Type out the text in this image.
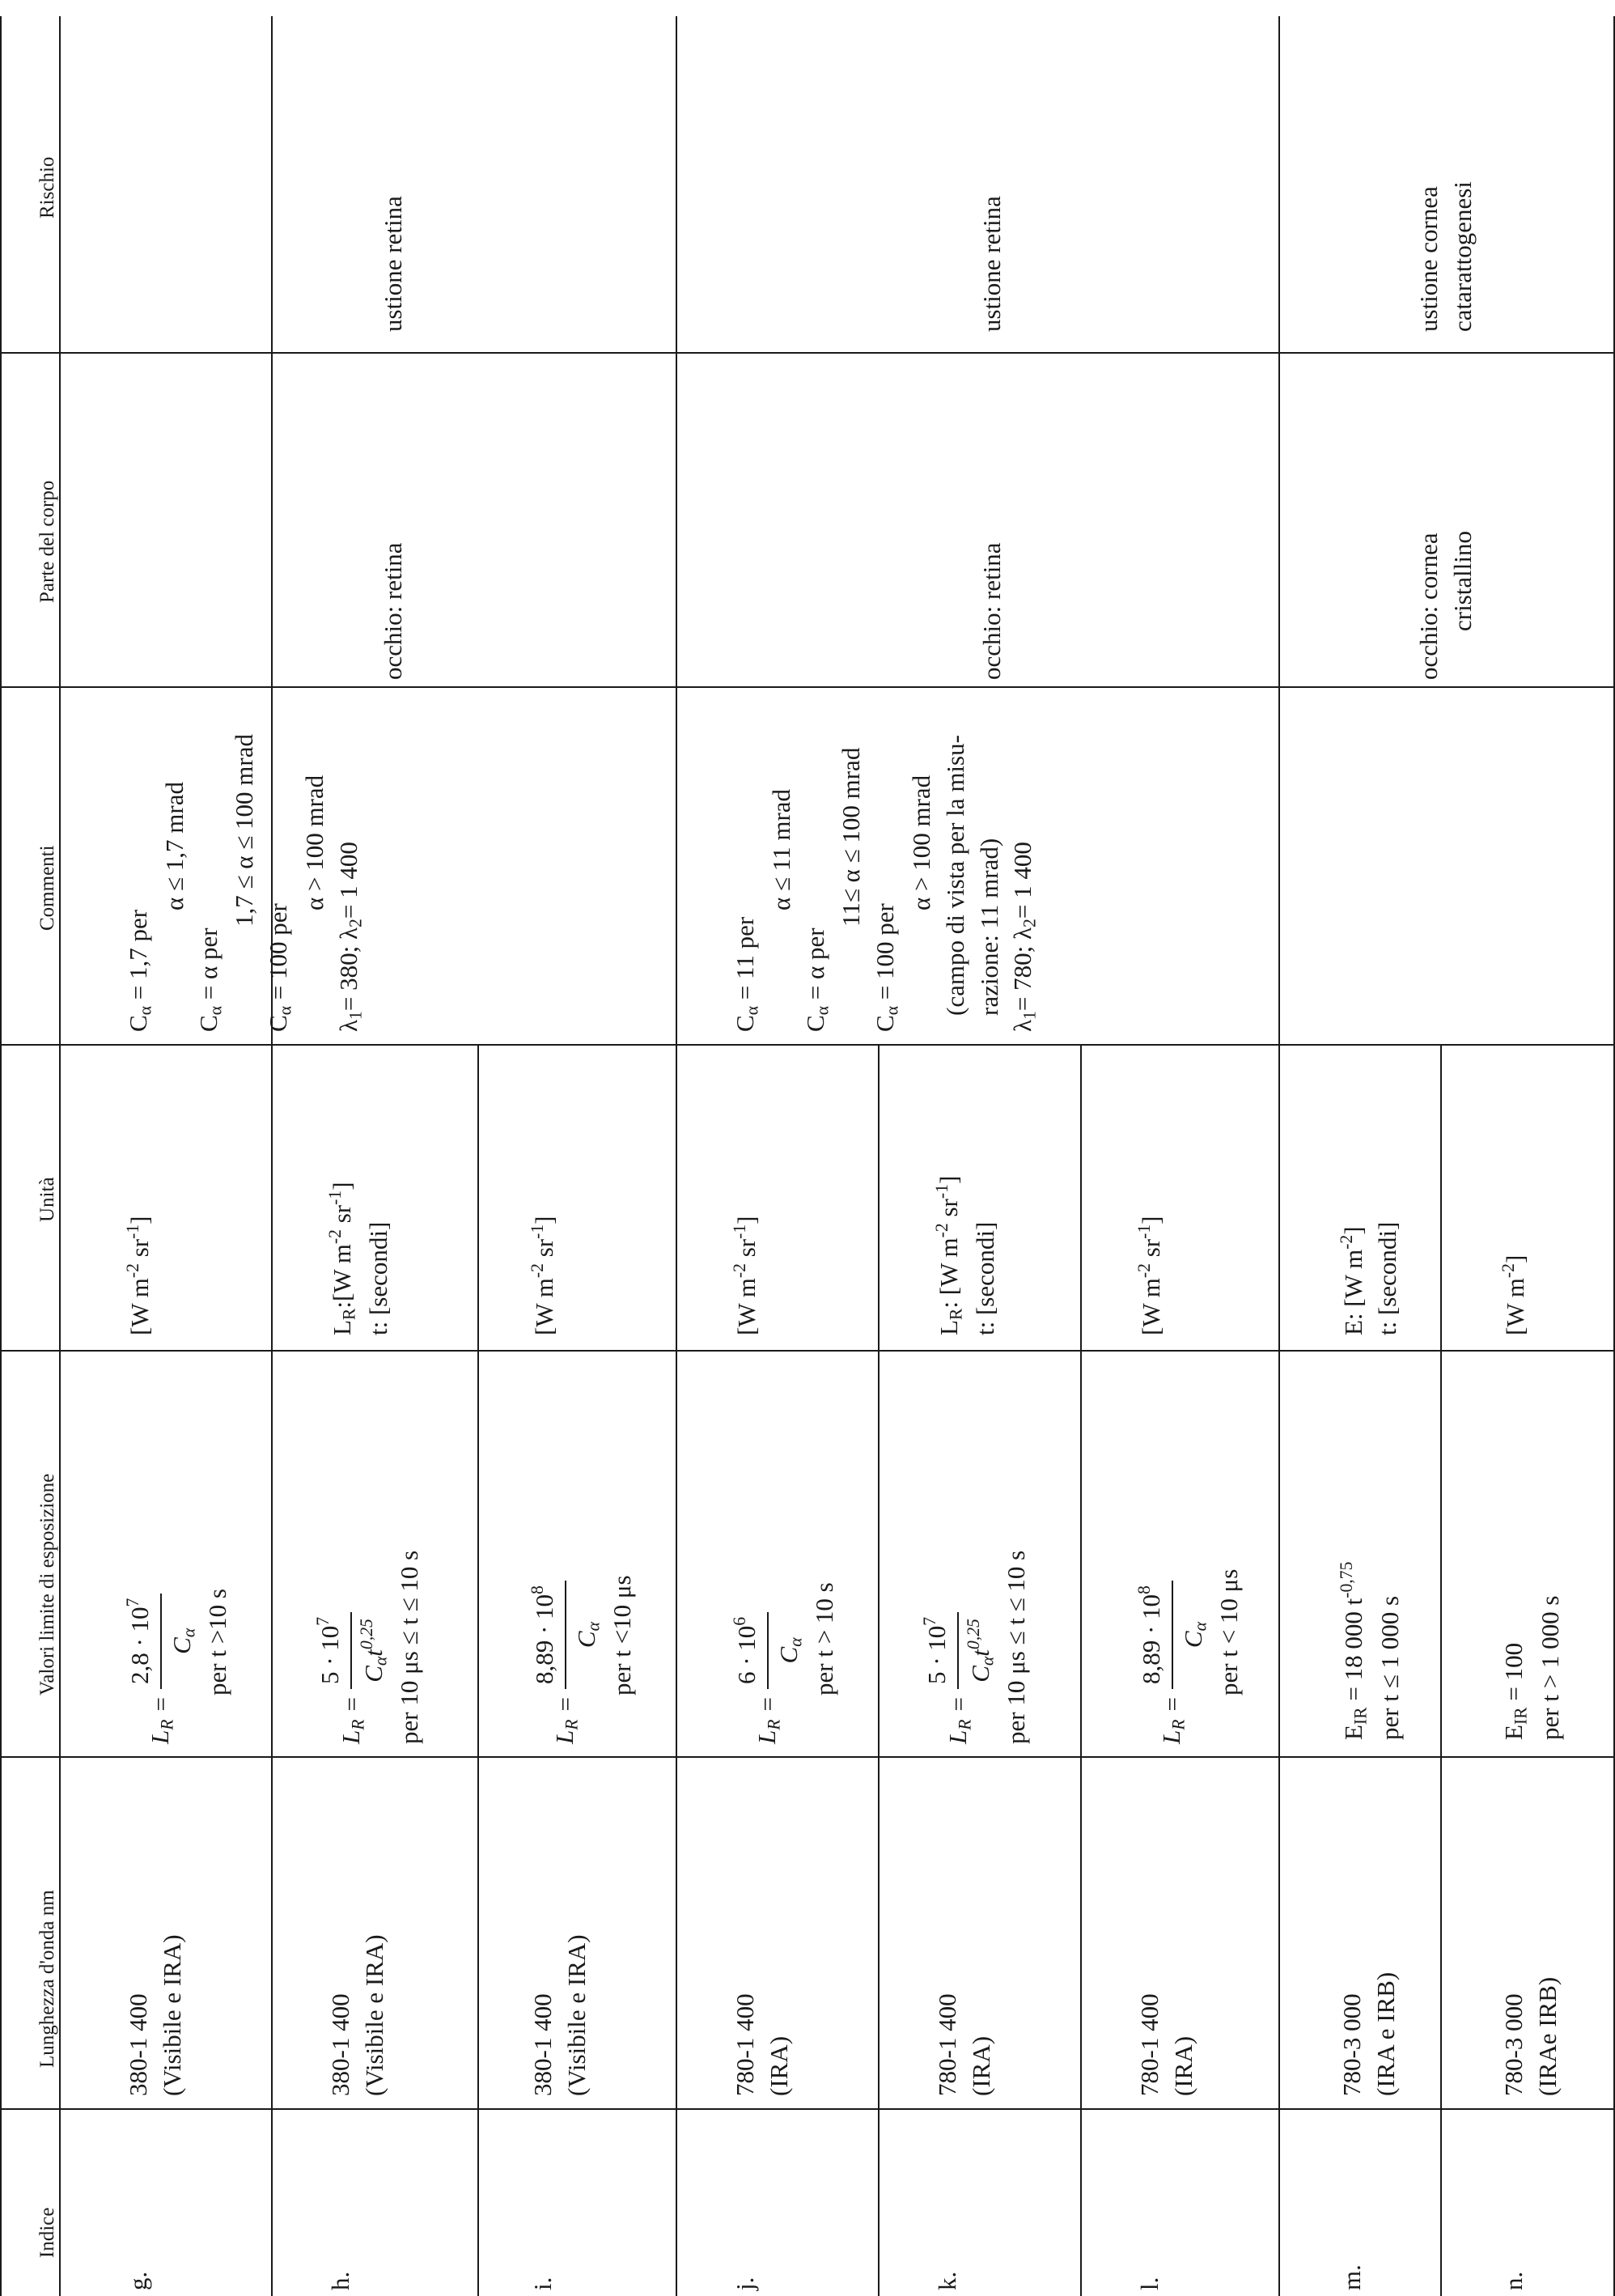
Rischio
Parte del corpo
Commenti
Unità
Valori limite di esposizione
Lunghezza d'onda nm
Indice
g.
380-1 400 (Visibile e IRA)
$L_R$
=
$2,8 \cdot 10^7$
$C_\alpha$ per t >10 s
[W $m^{-2}$ $sr^{-1}$]
h.
380-1 400 (Visibile e IRA)
$L_R$
=
$5 \cdot 10^7$
$C_\alpha t^{0,25}$ per 10 μs ≤ t ≤ 10 s
$L_R:[W$ $m^{-2}$ $sr^{-1}$]
t: [secondi]
i.
380-1 400 (Visibile e IRA)
$L_R$
=
$8,89 \cdot 10^8$
$C_\alpha$ per t <10 μs
[W $m^{-2}$ $sr^{-1}$]
$C_\alpha = 1,7$ per
α ≤ 1,7 mrad
$C_\alpha = \alpha$ per
1,7 ≤ α ≤ 100 mrad
$C_\alpha = 100$ per
α > 100 mrad
$\lambda_1= 380$; $\lambda_2= 1$ 400
occhio: retina
ustione retina
j.
780-1 400 (IRA)
$L_R$
=
$6 \cdot 10^6$
$C_\alpha$ per t > 10 s
[W $m^{-2}$ $sr^{-1}$]
k.
780-1 400 (IRA)
$L_R$
=
$5 \cdot 10^7$
$C_\alpha t^{0,25}$ per 10 μs ≤ t ≤ 10 s
$L_R$: [W $m^{-2}$ $sr^{-1}$]
t: [secondi]
l.
780-1 400 (IRA)
$L_R$
=
$8,89 \cdot 10^8$
$C_\alpha$ per t < 10 μs
[W $m^{-2}$ $sr^{-1}$]
$C_\alpha = 11$ per
α ≤ 11 mrad
$C_\alpha = \alpha$ per
11≤ α ≤ 100 mrad
$C_\alpha = 100$ per
α > 100 mrad (campo di vista per la misu- razione: 11 mrad)
$\lambda_1= 780$; $\lambda_2= 1$ 400
occhio: retina
ustione retina
m.
780-3 000 (IRA e IRB)
$E_{IR} = 18$ 000 $t^{-0,75}$
per t ≤ 1 000 s
E: [W $m^{-2}$] t: [secondi]
n.
780-3 000 (IRAe IRB)
$E_{IR} = 100$ per t > 1 000 s
[W $m^{-2}$]
occhio: cornea cristallino
ustione cornea catarattogenesi
